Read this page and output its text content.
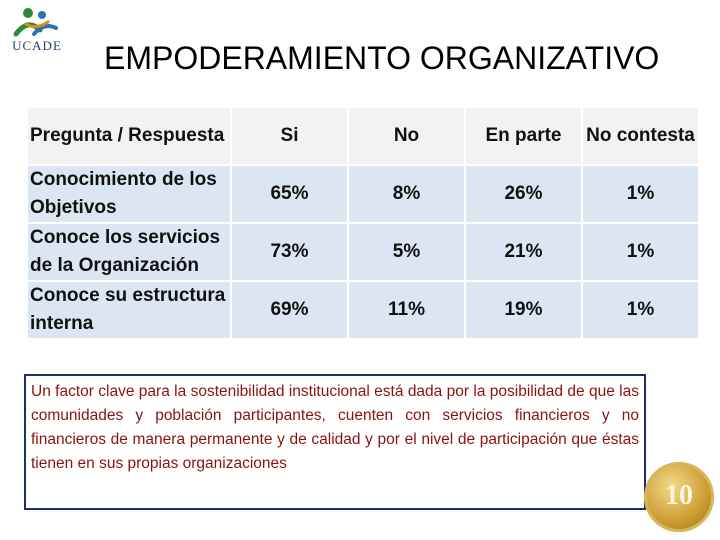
UCADE EMPODERAMIENTO ORGANIZATIVO
Pregunta / Respuesta	Si	No	En parte	No contesta
Conocimiento de los Objetivos	65%	8%	26%	1%
Conoce los servicios de la Organización	73%	5%	21%	1%
Conoce su estructura interna	69%	11%	19%	1%
Un factor clave para la sostenibilidad institucional está dada por la posibilidad de que las comunidades y población participantes, cuenten con servicios financieros y no financieros de manera permanente y de calidad y por el nivel de participación que éstas tienen en sus propias organizaciones
10
